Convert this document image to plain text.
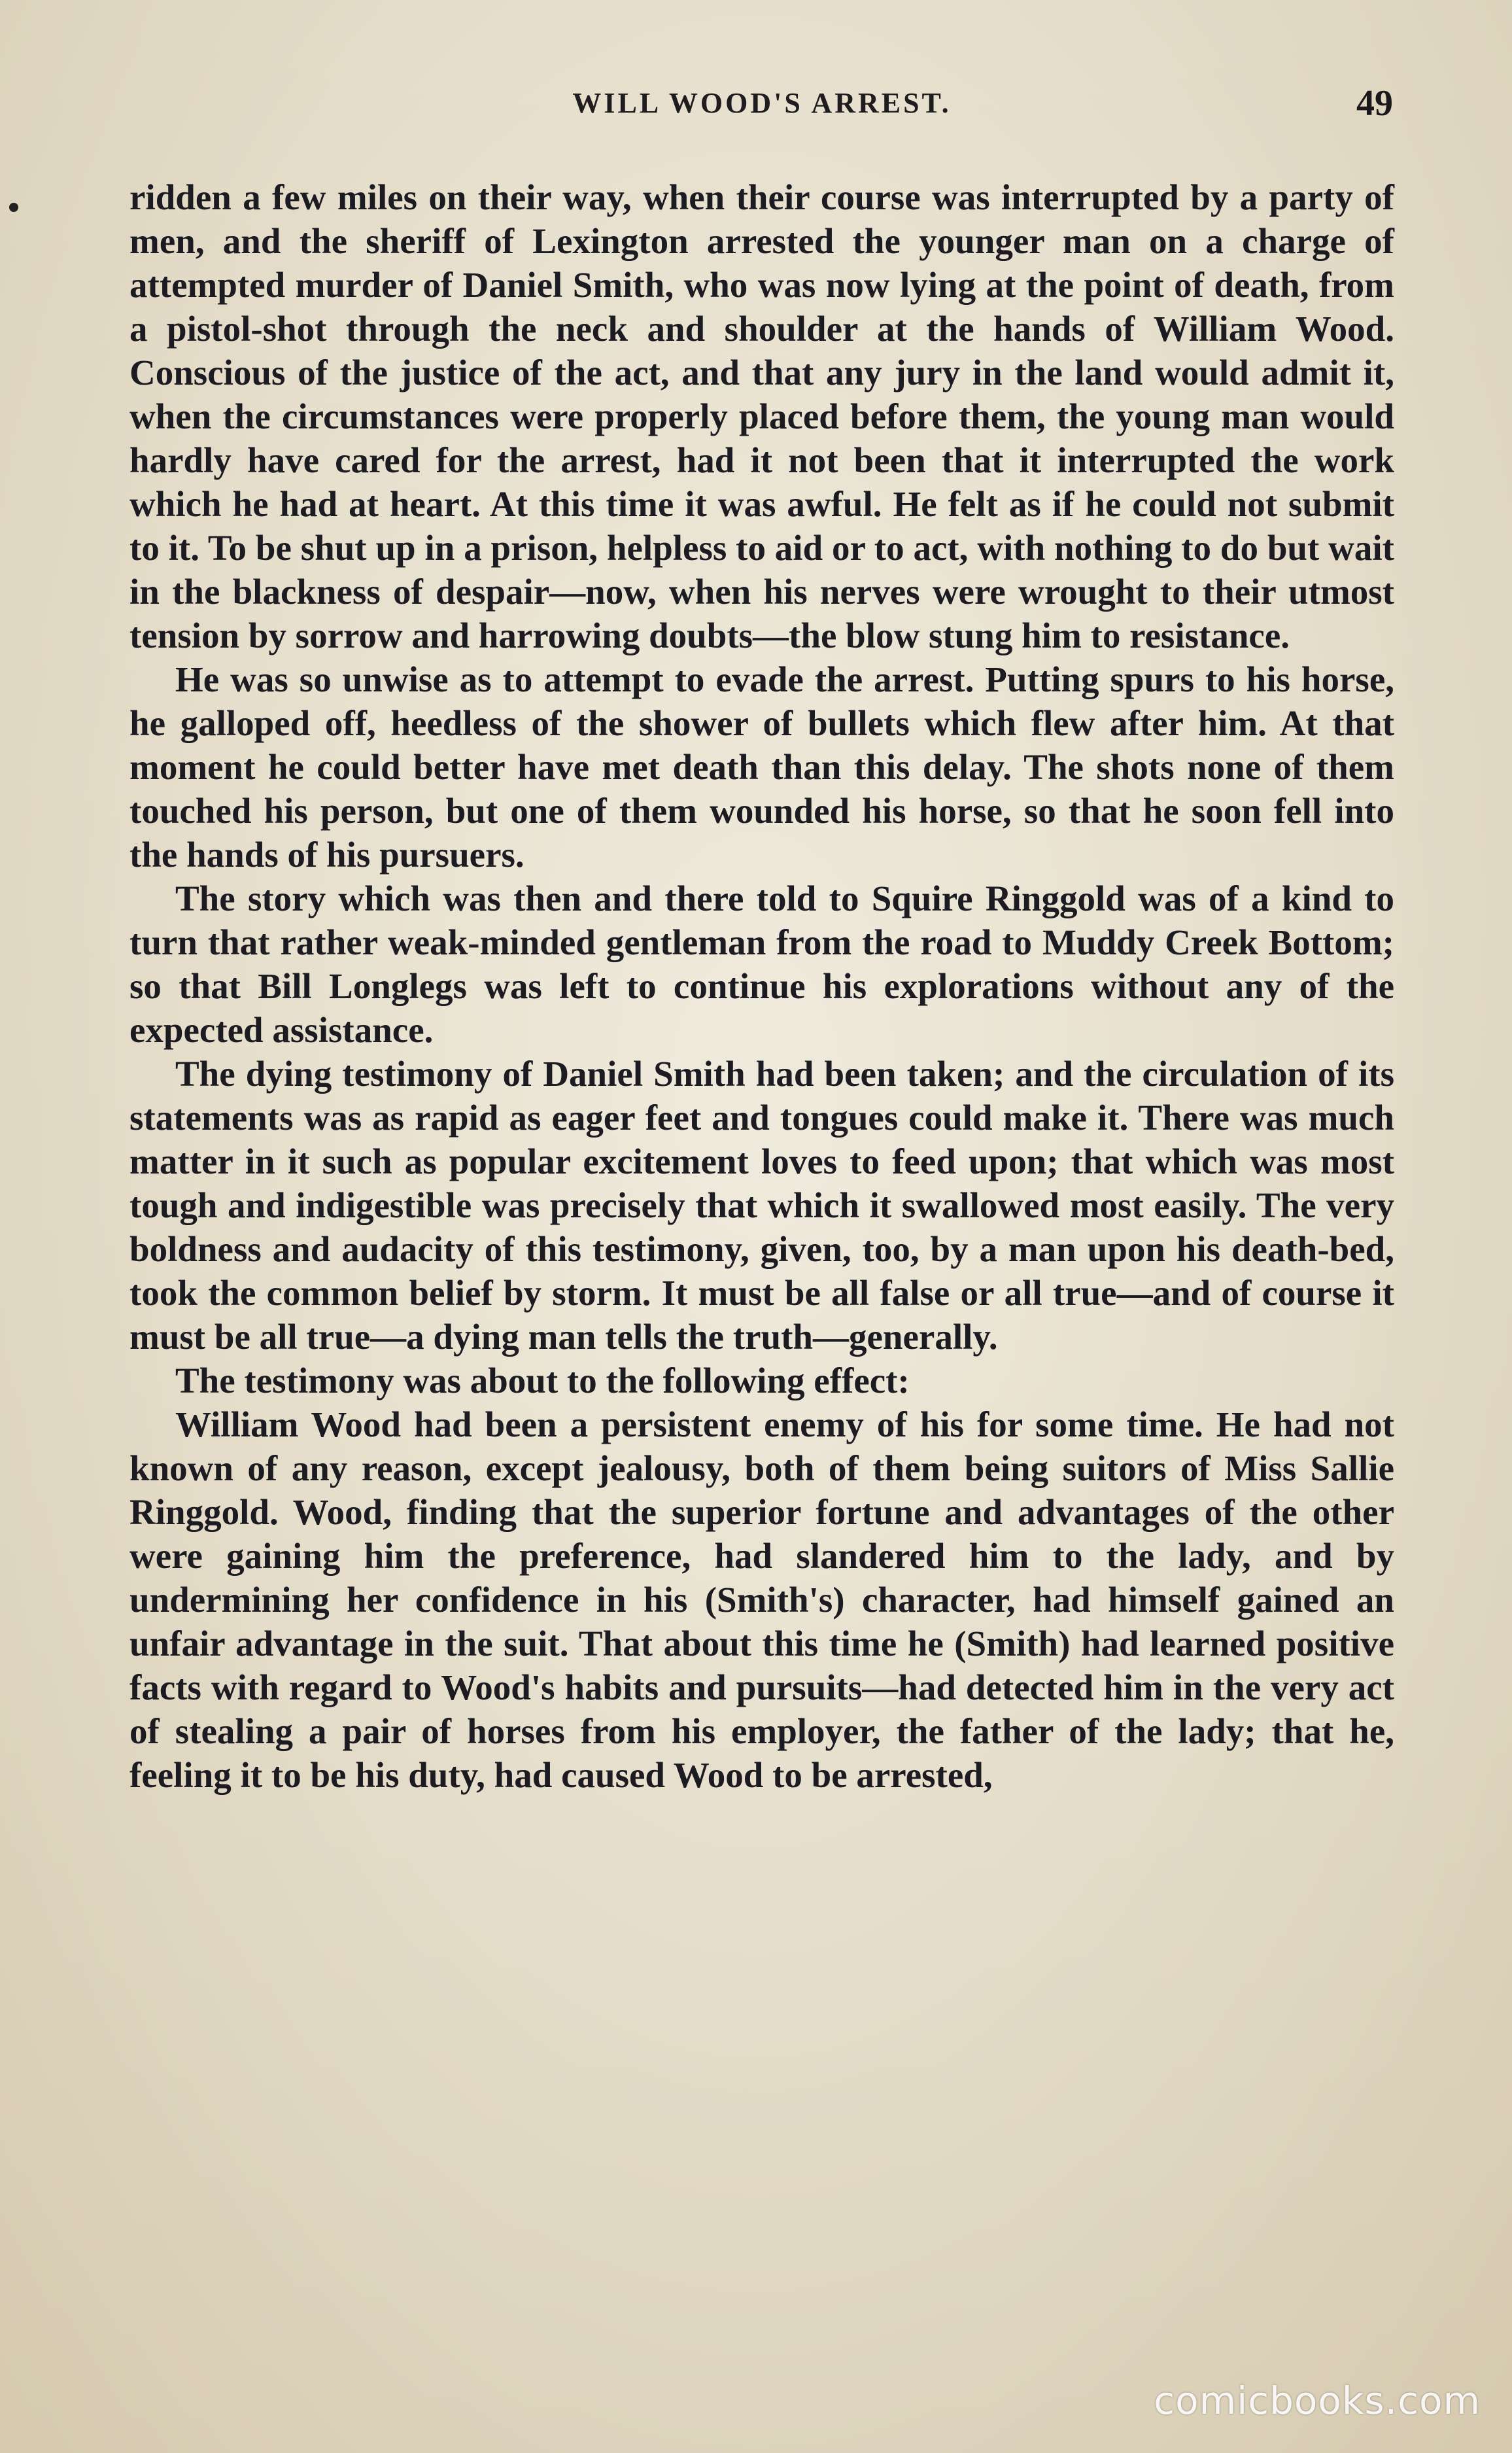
WILL WOOD'S ARREST.	49

ridden a few miles on their way, when their course was interrupted by a party of men, and the sheriff of Lexington arrested the younger man on a charge of attempted murder of Daniel Smith, who was now lying at the point of death, from a pistol-shot through the neck and shoulder at the hands of William Wood. Conscious of the justice of the act, and that any jury in the land would admit it, when the circumstances were properly placed before them, the young man would hardly have cared for the arrest, had it not been that it interrupted the work which he had at heart. At this time it was awful. He felt as if he could not submit to it. To be shut up in a prison, helpless to aid or to act, with nothing to do but wait in the blackness of despair—now, when his nerves were wrought to their utmost tension by sorrow and harrowing doubts—the blow stung him to resistance.

He was so unwise as to attempt to evade the arrest. Putting spurs to his horse, he galloped off, heedless of the shower of bullets which flew after him. At that moment he could better have met death than this delay. The shots none of them touched his person, but one of them wounded his horse, so that he soon fell into the hands of his pursuers.

The story which was then and there told to Squire Ringgold was of a kind to turn that rather weak-minded gentleman from the road to Muddy Creek Bottom; so that Bill Longlegs was left to continue his explorations without any of the expected assistance.

The dying testimony of Daniel Smith had been taken; and the circulation of its statements was as rapid as eager feet and tongues could make it. There was much matter in it such as popular excitement loves to feed upon; that which was most tough and indigestible was precisely that which it swallowed most easily. The very boldness and audacity of this testimony, given, too, by a man upon his death-bed, took the common belief by storm. It must be all false or all true—and of course it must be all true—a dying man tells the truth—generally.

The testimony was about to the following effect:

William Wood had been a persistent enemy of his for some time. He had not known of any reason, except jealousy, both of them being suitors of Miss Sallie Ringgold. Wood, finding that the superior fortune and advantages of the other were gaining him the preference, had slandered him to the lady, and by undermining her confidence in his (Smith's) character, had himself gained an unfair advantage in the suit. That about this time he (Smith) had learned positive facts with regard to Wood's habits and pursuits—had detected him in the very act of stealing a pair of horses from his employer, the father of the lady; that he, feeling it to be his duty, had caused Wood to be arrested,

comicbooks.com
